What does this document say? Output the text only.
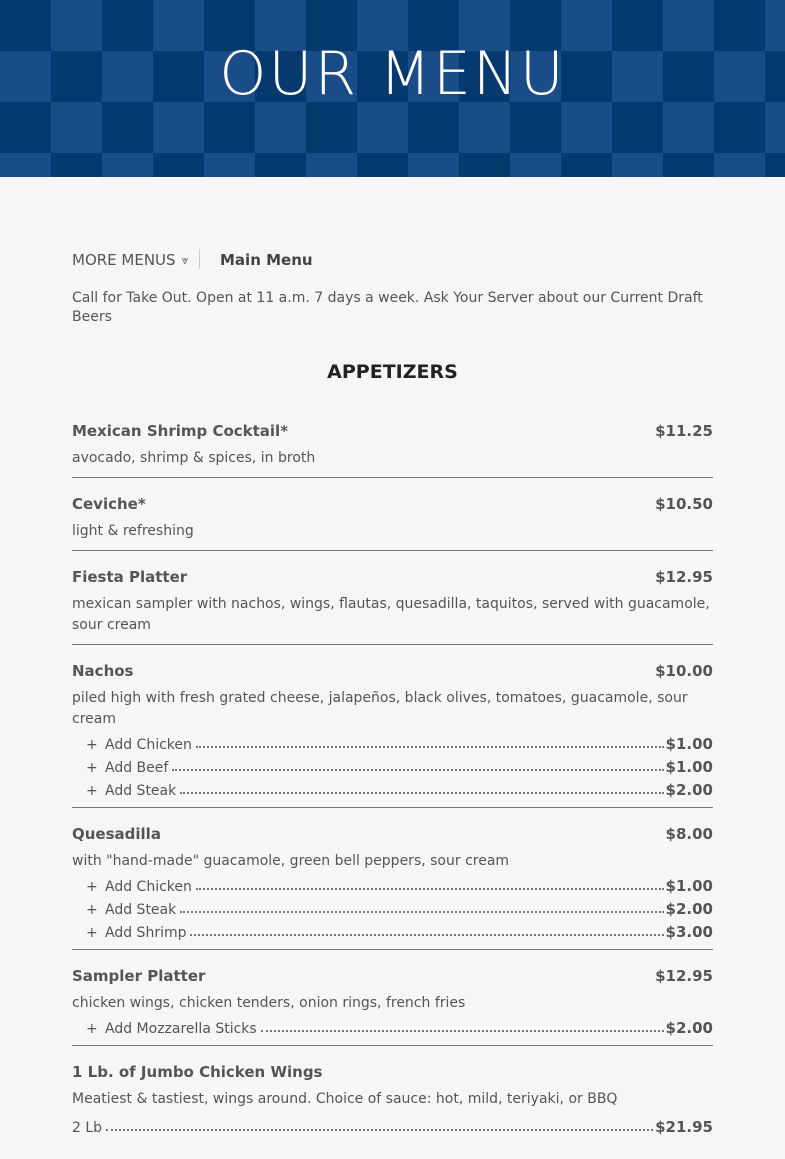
OUR MENU
MORE MENUS ⩔ Main Menu
Call for Take Out. Open at 11 a.m. 7 days a week. Ask Your Server about our Current Draft Beers
APPETIZERS
Mexican Shrimp Cocktail*	$11.25
avocado, shrimp & spices, in broth
Ceviche*	$10.50
light & refreshing
Fiesta Platter	$12.95
mexican sampler with nachos, wings, flautas, quesadilla, taquitos, served with guacamole, sour cream
Nachos	$10.00
piled high with fresh grated cheese, jalapeños, black olives, tomatoes, guacamole, sour cream
+ Add Chicken	$1.00
+ Add Beef	$1.00
+ Add Steak	$2.00
Quesadilla	$8.00
with "hand-made" guacamole, green bell peppers, sour cream
+ Add Chicken	$1.00
+ Add Steak	$2.00
+ Add Shrimp	$3.00
Sampler Platter	$12.95
chicken wings, chicken tenders, onion rings, french fries
+ Add Mozzarella Sticks	$2.00
1 Lb. of Jumbo Chicken Wings
Meatiest & tastiest, wings around. Choice of sauce: hot, mild, teriyaki, or BBQ
2 Lb	$21.95
